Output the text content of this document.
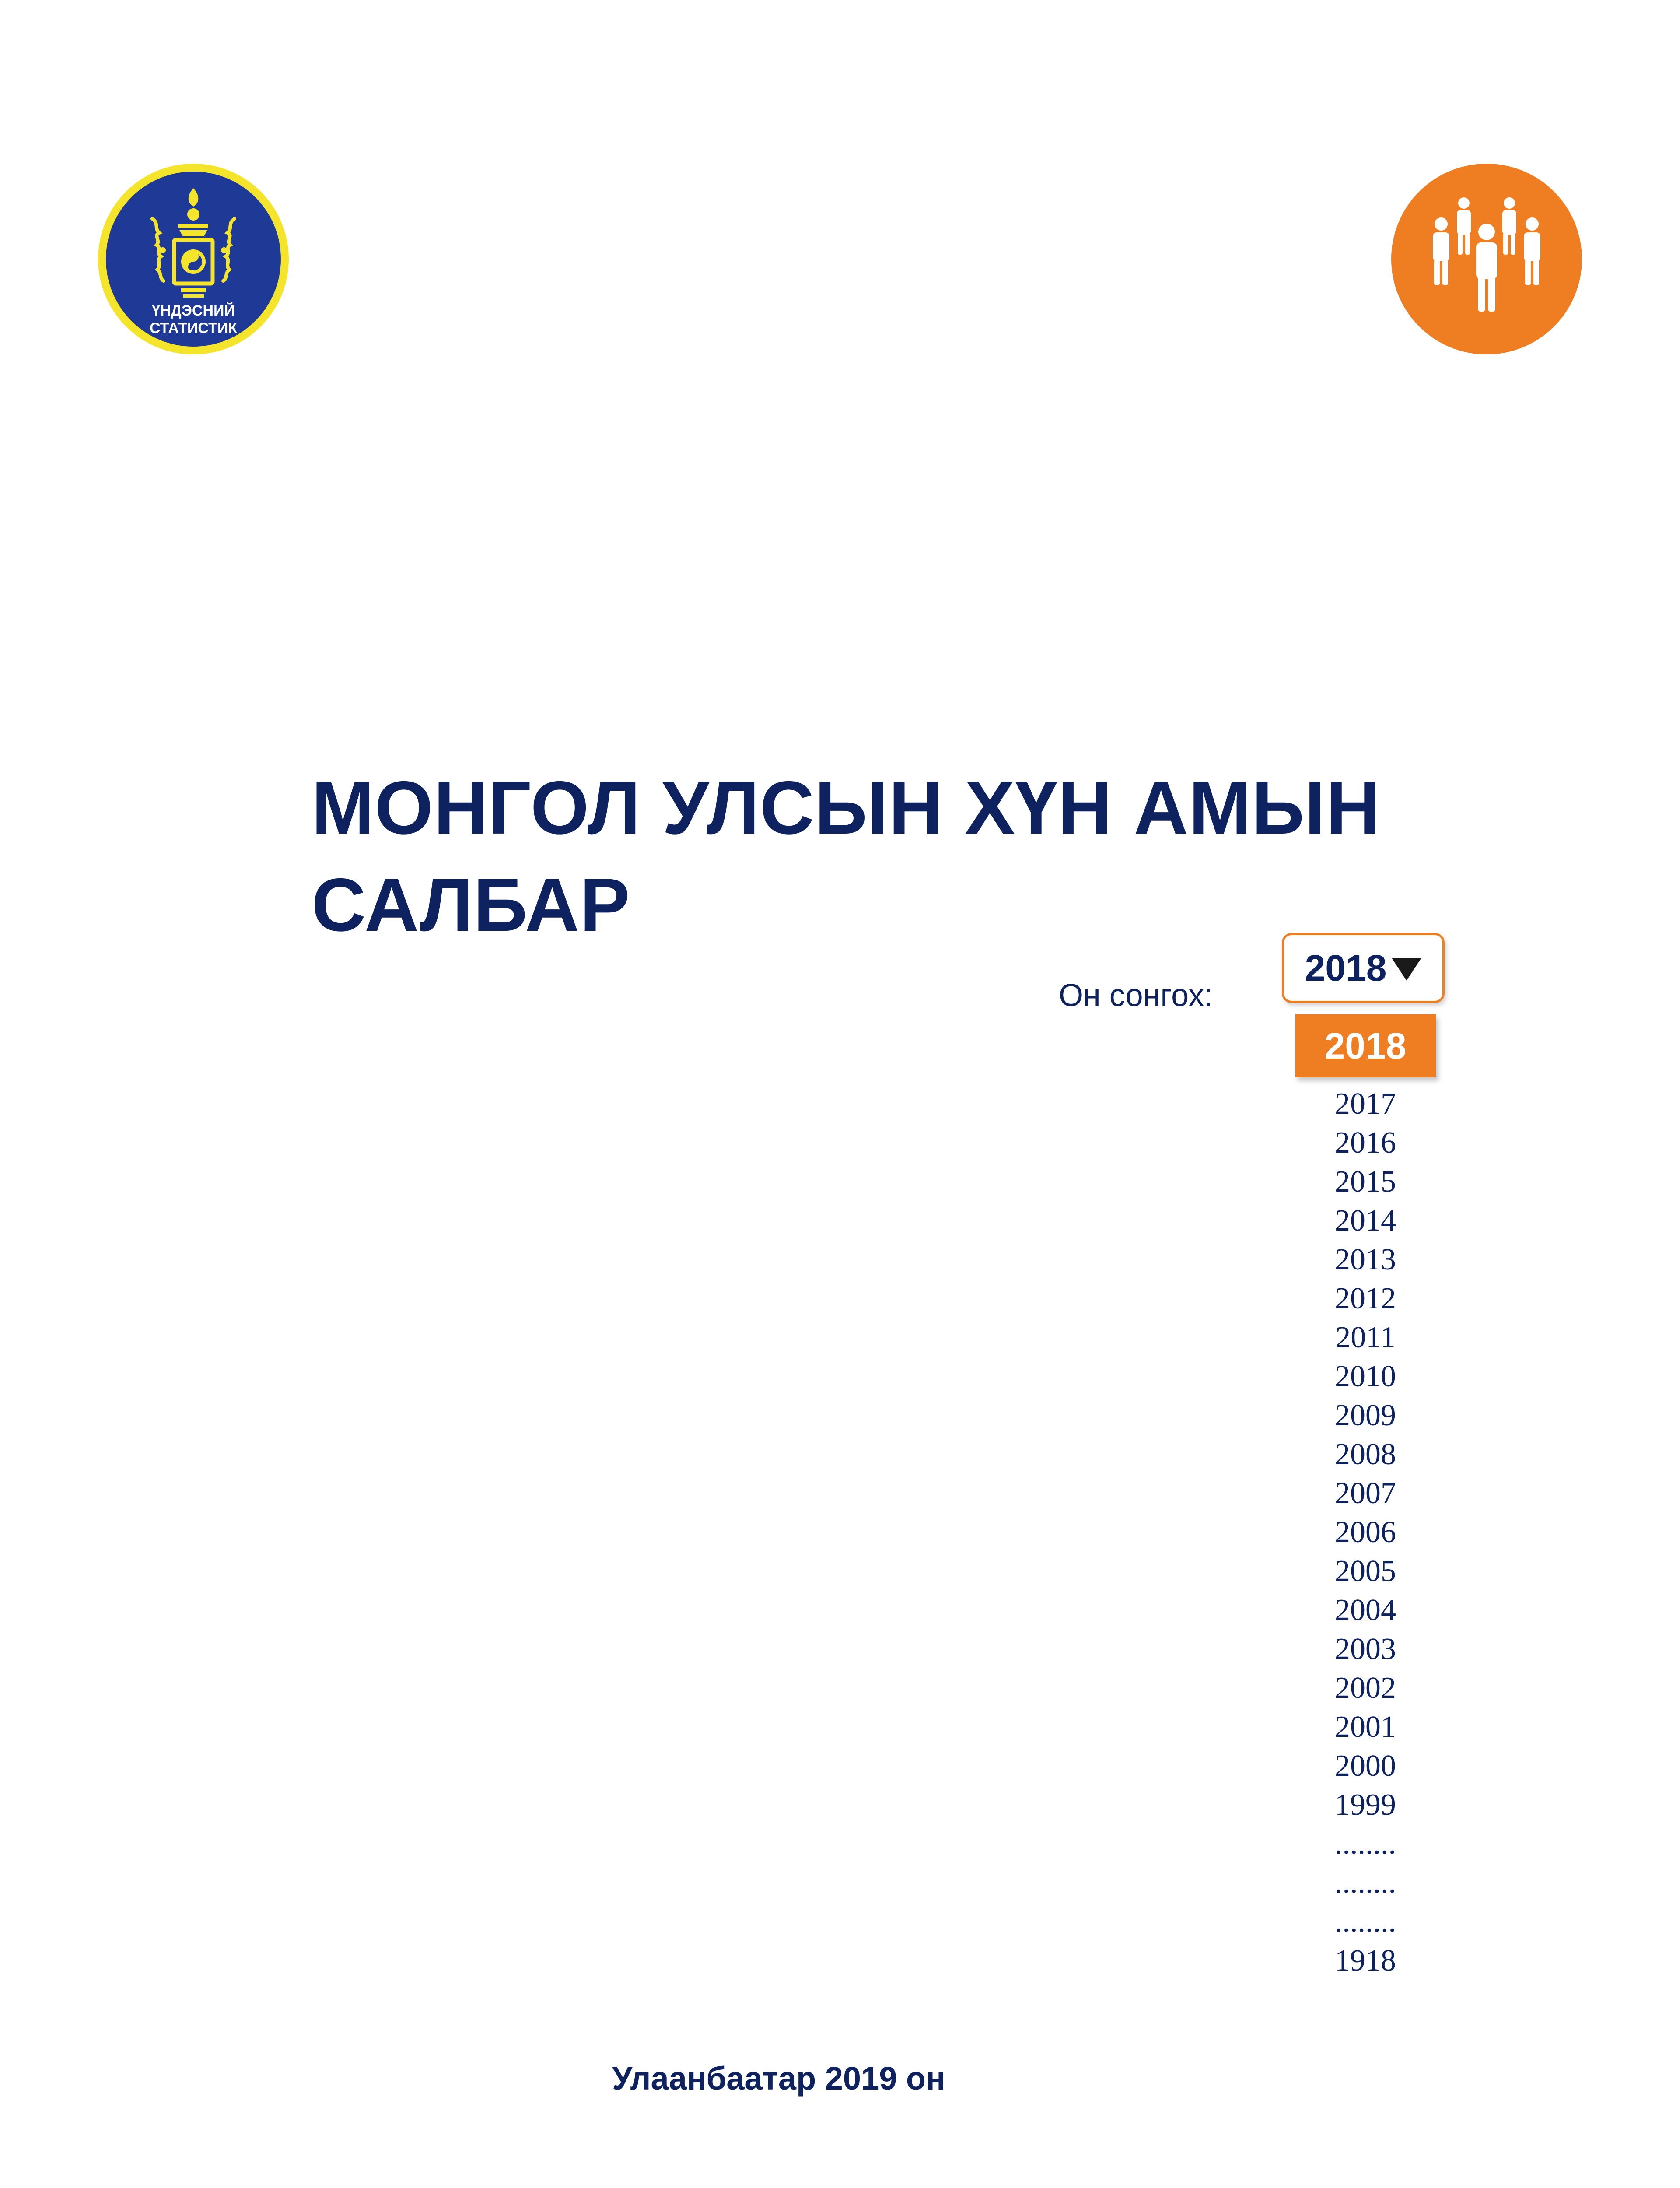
ҮНДЭСНИЙ
СТАТИСТИК
МОНГОЛ УЛСЫН ХҮН АМЫН
САЛБАР
Он сонгох:
2018
2018
2017
2016
2015
2014
2013
2012
2011
2010
2009
2008
2007
2006
2005
2004
2003
2002
2001
2000
1999
........
........
........
1918
Улаанбаатар 2019 он
